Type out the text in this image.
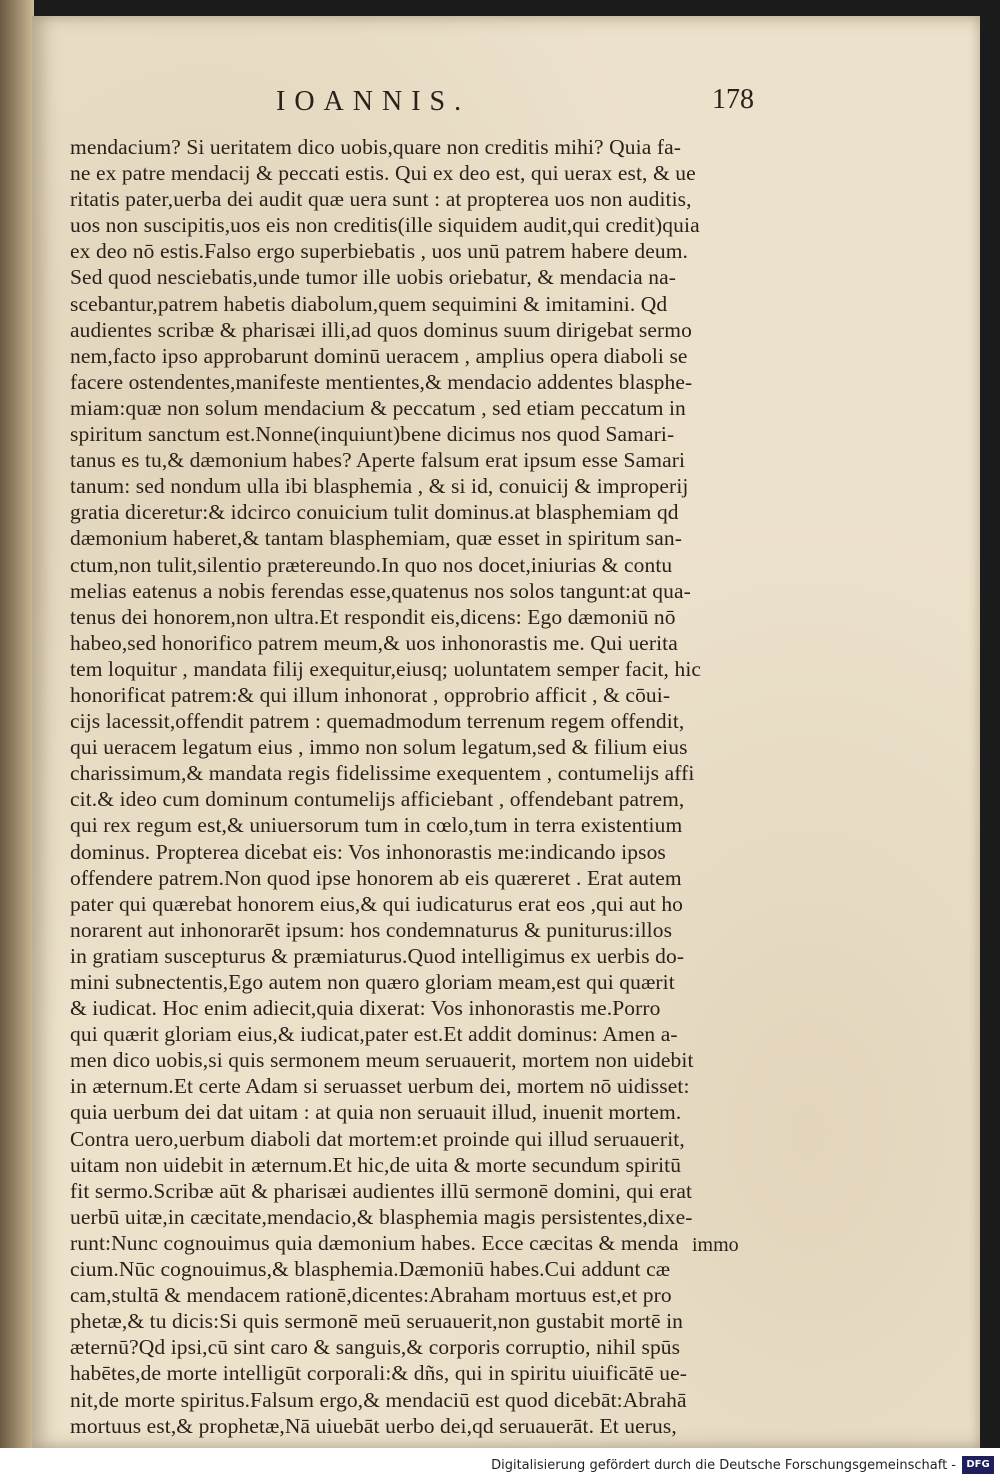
IOANNIS.	178
mendacium? Si ueritatem dico uobis,quare non creditis mihi? Quia fa-
ne ex patre mendacij & peccati estis. Qui ex deo est, qui uerax est, & ue
ritatis pater,uerba dei audit quæ uera sunt : at propterea uos non auditis,
uos non suscipitis,uos eis non creditis(ille siquidem audit,qui credit)quia
ex deo nō estis.Falso ergo superbiebatis , uos unū patrem habere deum.
Sed quod nesciebatis,unde tumor ille uobis oriebatur, & mendacia na-
scebantur,patrem habetis diabolum,quem sequimini & imitamini. Qd
audientes scribæ & pharisæi illi,ad quos dominus suum dirigebat sermo
nem,facto ipso approbarunt dominū ueracem , amplius opera diaboli se
facere ostendentes,manifeste mentientes,& mendacio addentes blasphe-
miam:quæ non solum mendacium & peccatum , sed etiam peccatum in
spiritum sanctum est.Nonne(inquiunt)bene dicimus nos quod Samari-
tanus es tu,& dæmonium habes? Aperte falsum erat ipsum esse Samari
tanum: sed nondum ulla ibi blasphemia , & si id, conuicij & improperij
gratia diceretur:& idcirco conuicium tulit dominus.at blasphemiam qd
dæmonium haberet,& tantam blasphemiam, quæ esset in spiritum san-
ctum,non tulit,silentio prætereundo.In quo nos docet,iniurias & contu
melias eatenus a nobis ferendas esse,quatenus nos solos tangunt:at qua-
tenus dei honorem,non ultra.Et respondit eis,dicens: Ego dæmoniū nō
habeo,sed honorifico patrem meum,& uos inhonorastis me. Qui uerita
tem loquitur , mandata filij exequitur,eiusq; uoluntatem semper facit, hic
honorificat patrem:& qui illum inhonorat , opprobrio afficit , & cōui-
cijs lacessit,offendit patrem : quemadmodum terrenum regem offendit,
qui ueracem legatum eius , immo non solum legatum,sed & filium eius
charissimum,& mandata regis fidelissime exequentem , contumelijs affi
cit.& ideo cum dominum contumelijs afficiebant , offendebant patrem,
qui rex regum est,& uniuersorum tum in cœlo,tum in terra existentium
dominus. Propterea dicebat eis: Vos inhonorastis me:indicando ipsos
offendere patrem.Non quod ipse honorem ab eis quæreret . Erat autem
pater qui quærebat honorem eius,& qui iudicaturus erat eos ,qui aut ho
norarent aut inhonorarēt ipsum: hos condemnaturus & puniturus:illos
in gratiam suscepturus & præmiaturus.Quod intelligimus ex uerbis do-
mini subnectentis,Ego autem non quæro gloriam meam,est qui quærit
& iudicat. Hoc enim adiecit,quia dixerat: Vos inhonorastis me.Porro
qui quærit gloriam eius,& iudicat,pater est.Et addit dominus: Amen a-
men dico uobis,si quis sermonem meum seruauerit, mortem non uidebit
in æternum.Et certe Adam si seruasset uerbum dei, mortem nō uidisset:
quia uerbum dei dat uitam : at quia non seruauit illud, inuenit mortem.
Contra uero,uerbum diaboli dat mortem:et proinde qui illud seruauerit,
uitam non uidebit in æternum.Et hic,de uita & morte secundum spiritū
fit sermo.Scribæ aūt & pharisæi audientes illū sermonē domini, qui erat
uerbū uitæ,in cæcitate,mendacio,& blasphemia magis persistentes,dixe-
runt:Nunc cognouimus quia dæmonium habes. Ecce cæcitas & menda
cium.Nūc cognouimus,& blasphemia.Dæmoniū habes.Cui addunt cæ
cam,stultā & mendacem rationē,dicentes:Abraham mortuus est,et pro
phetæ,& tu dicis:Si quis sermonē meū seruauerit,non gustabit mortē in
æternū?Qd ipsi,cū sint caro & sanguis,& corporis corruptio, nihil spūs
habētes,de morte intelligūt corporali:& dñs, qui in spiritu uiuificātē ue-
nit,de morte spiritus.Falsum ergo,& mendaciū est quod dicebāt:Abrahā
mortuus est,& prophetæ,Nā uiuebāt uerbo dei,qd seruauerāt. Et uerus,
immo
Digitalisierung gefördert durch die Deutsche Forschungsgemeinschaft -	DFG
